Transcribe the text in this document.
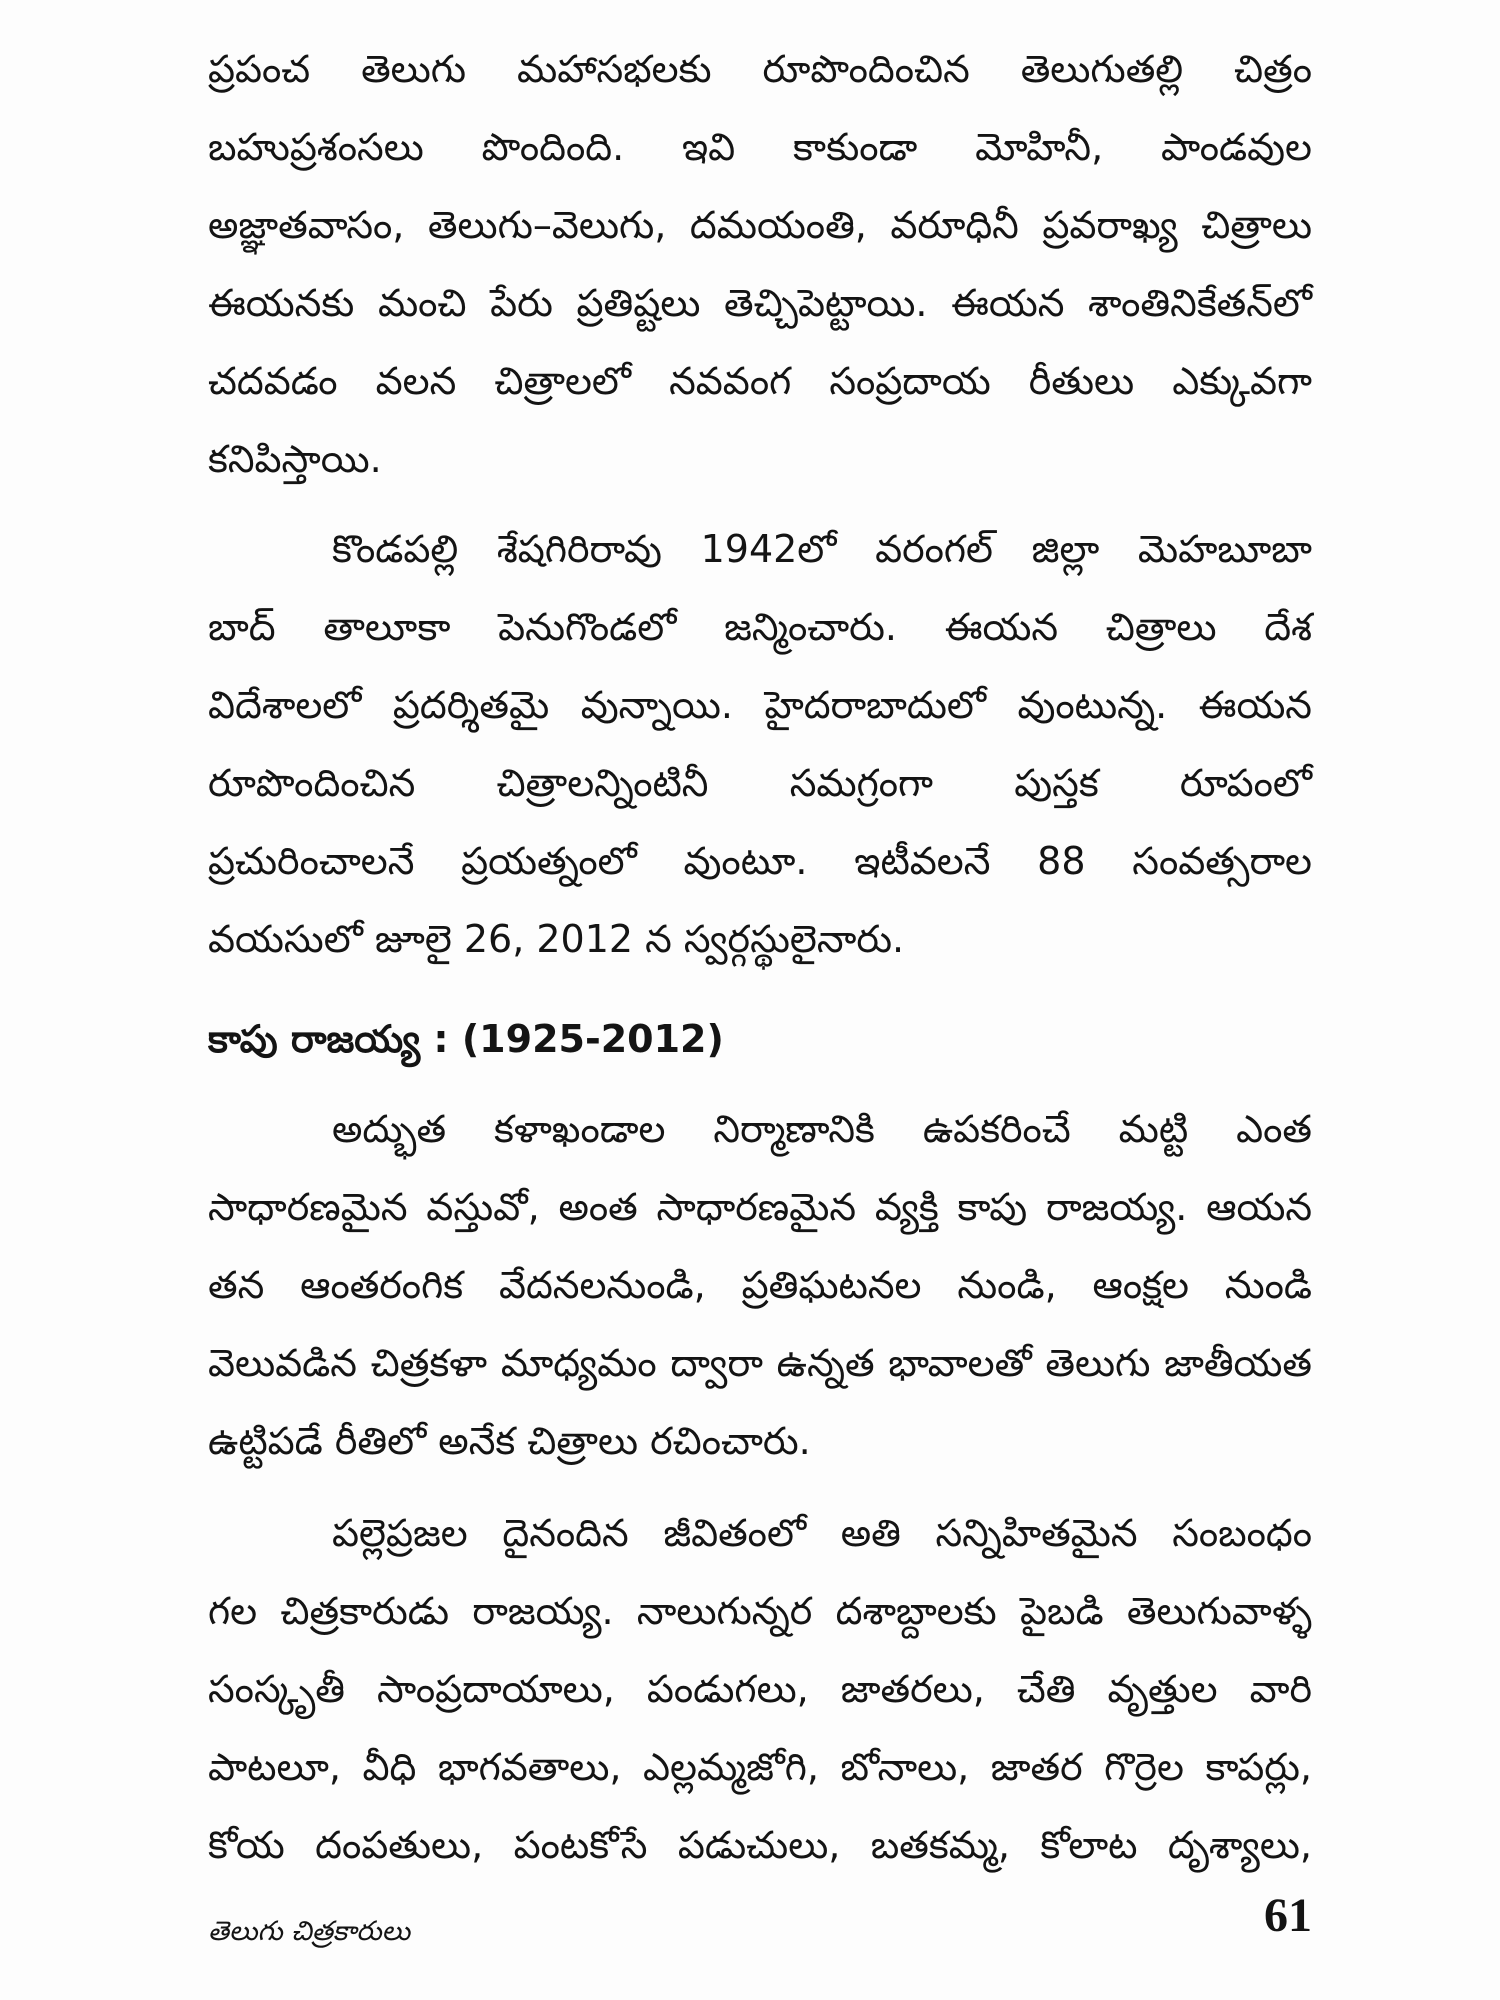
ప్రపంచ తెలుగు మహాసభలకు రూపొందించిన తెలుగుతల్లి చిత్రం
బహుప్రశంసలు పొందింది. ఇవి కాకుండా మోహినీ, పాండవుల
అజ్ఞాతవాసం, తెలుగు–వెలుగు, దమయంతి, వరూధినీ ప్రవరాఖ్య చిత్రాలు
ఈయనకు మంచి పేరు ప్రతిష్టలు తెచ్చిపెట్టాయి. ఈయన శాంతినికేతన్‌లో
చదవడం వలన చిత్రాలలో నవవంగ సంప్రదాయ రీతులు ఎక్కువగా
కనిపిస్తాయి.
కొండపల్లి శేషగిరిరావు 1942లో వరంగల్ జిల్లా మెహబూబా
బాద్ తాలూకా పెనుగొండలో జన్మించారు. ఈయన చిత్రాలు దేశ
విదేశాలలో ప్రదర్శితమై వున్నాయి. హైదరాబాదులో వుంటున్న. ఈయన
రూపొందించిన చిత్రాలన్నింటినీ సమగ్రంగా పుస్తక రూపంలో
ప్రచురించాలనే ప్రయత్నంలో వుంటూ. ఇటీవలనే 88 సంవత్సరాల
వయసులో జూలై 26, 2012 న స్వర్గస్థులైనారు.
కాపు రాజయ్య : (1925-2012)
అద్భుత కళాఖండాల నిర్మాణానికి ఉపకరించే మట్టి ఎంత
సాధారణమైన వస్తువో, అంత సాధారణమైన వ్యక్తి కాపు రాజయ్య. ఆయన
తన ఆంతరంగిక వేదనలనుండి, ప్రతిఘటనల నుండి, ఆంక్షల నుండి
వెలువడిన చిత్రకళా మాధ్యమం ద్వారా ఉన్నత భావాలతో తెలుగు జాతీయత
ఉట్టిపడే రీతిలో అనేక చిత్రాలు రచించారు.
పల్లెప్రజల దైనందిన జీవితంలో అతి సన్నిహితమైన సంబంధం
గల చిత్రకారుడు రాజయ్య. నాలుగున్నర దశాబ్దాలకు పైబడి తెలుగువాళ్ళ
సంస్కృతీ సాంప్రదాయాలు, పండుగలు, జాతరలు, చేతి వృత్తుల వారి
పాటలూ, వీధి భాగవతాలు, ఎల్లమ్మజోగి, బోనాలు, జాతర గొర్రెల కాపర్లు,
కోయ దంపతులు, పంటకోసే పడుచులు, బతకమ్మ, కోలాట దృశ్యాలు,
తెలుగు చిత్రకారులు	61
